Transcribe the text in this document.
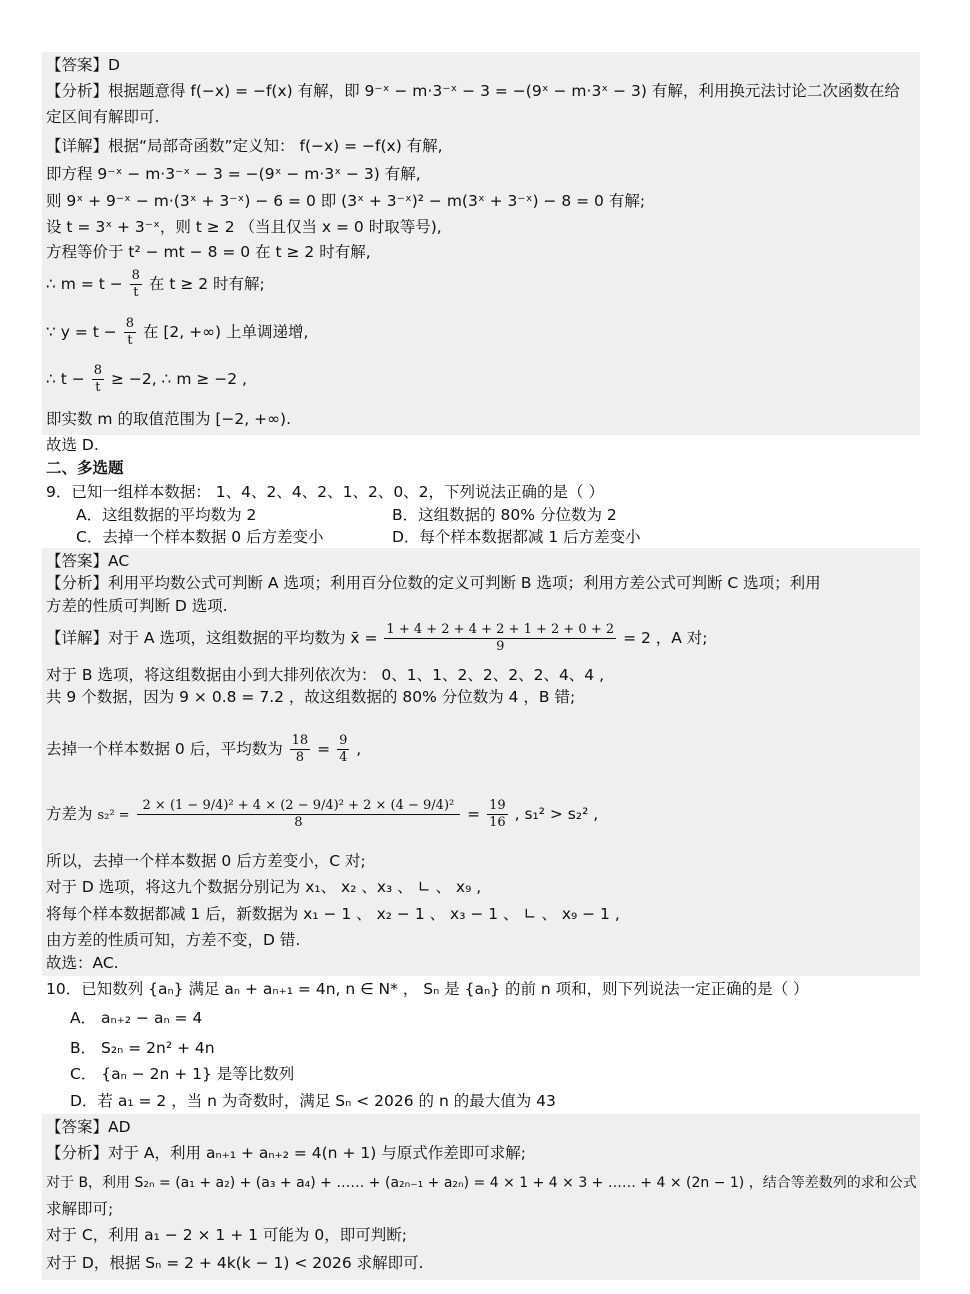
【答案】D
【分析】根据题意得 f(−x) = −f(x) 有解，即 9⁻ˣ − m·3⁻ˣ − 3 = −(9ˣ − m·3ˣ − 3) 有解，利用换元法讨论二次函数在给
定区间有解即可.
【详解】根据“局部奇函数”定义知： f(−x) = −f(x) 有解,
即方程 9⁻ˣ − m·3⁻ˣ − 3 = −(9ˣ − m·3ˣ − 3) 有解,
则 9ˣ + 9⁻ˣ − m·(3ˣ + 3⁻ˣ) − 6 = 0 即 (3ˣ + 3⁻ˣ)² − m(3ˣ + 3⁻ˣ) − 8 = 0 有解;
设 t = 3ˣ + 3⁻ˣ，则 t ≥ 2 （当且仅当 x = 0 时取等号),
方程等价于 t² − mt − 8 = 0 在 t ≥ 2 时有解,
∴ $m = t - \frac{8}{t}$ 在 t ≥ 2 时有解;
∵ $y = t - \frac{8}{t}$ 在 [2, +∞) 上单调递增,
∴ $t - \frac{8}{t} \ge -2$, ∴ m ≥ −2 ,
即实数 m 的取值范围为 [−2, +∞).
故选 D.
二、多选题
9．已知一组样本数据： 1、4、2、4、2、1、2、0、2，下列说法正确的是（ ）
A．这组数据的平均数为 2	B．这组数据的 80% 分位数为 2
C．去掉一个样本数据 0 后方差变小	D．每个样本数据都减 1 后方差变小
【答案】AC
【分析】利用平均数公式可判断 A 选项；利用百分位数的定义可判断 B 选项；利用方差公式可判断 C 选项；利用
方差的性质可判断 D 选项.
【详解】对于 A 选项，这组数据的平均数为 x̄ = $\frac{1 + 4 + 2 + 4 + 2 + 1 + 2 + 0 + 2}{9} = 2$ ，A 对;
对于 B 选项，将这组数据由小到大排列依次为： 0、1、1、2、2、2、2、4、4 ,
共 9 个数据，因为 9 × 0.8 = 7.2 ，故这组数据的 80% 分位数为 4 ，B 错;
去掉一个样本数据 0 后，平均数为 $\frac{18}{8} = \frac{9}{4}$ ,
方差为 $s_2^2 = \frac{\text{2 × (1 − 9/4)² + 4 × (2 − 9/4)² + 2 × (4 − 9/4)²}}{8} = \frac{19}{16}$ , s₁² > s₂² ,
所以，去掉一个样本数据 0 后方差变小，C 对;
对于 D 选项，将这九个数据分别记为 x₁、 x₂ 、x₃ 、 ∟ 、 x₉ ,
将每个样本数据都减 1 后，新数据为 x₁ − 1 、 x₂ − 1 、 x₃ − 1 、 ∟ 、 x₉ − 1 ,
由方差的性质可知，方差不变，D 错.
故选：AC.
10．已知数列 {aₙ} 满足 aₙ + aₙ₊₁ = 4n, n ∈ N* ， Sₙ 是 {aₙ} 的前 n 项和，则下列说法一定正确的是（ ）
A． aₙ₊₂ − aₙ = 4
B． S₂ₙ = 2n² + 4n
C． {aₙ − 2n + 1} 是等比数列
D．若 a₁ = 2 ，当 n 为奇数时，满足 Sₙ < 2026 的 n 的最大值为 43
【答案】AD
【分析】对于 A，利用 aₙ₊₁ + aₙ₊₂ = 4(n + 1) 与原式作差即可求解;
对于 B，利用 S₂ₙ = (a₁ + a₂) + (a₃ + a₄) + …… + (a₂ₙ₋₁ + a₂ₙ) = 4 × 1 + 4 × 3 + …… + 4 × (2n − 1) ，结合等差数列的求和公式
求解即可;
对于 C，利用 a₁ − 2 × 1 + 1 可能为 0，即可判断;
对于 D，根据 Sₙ = 2 + 4k(k − 1) < 2026 求解即可.
